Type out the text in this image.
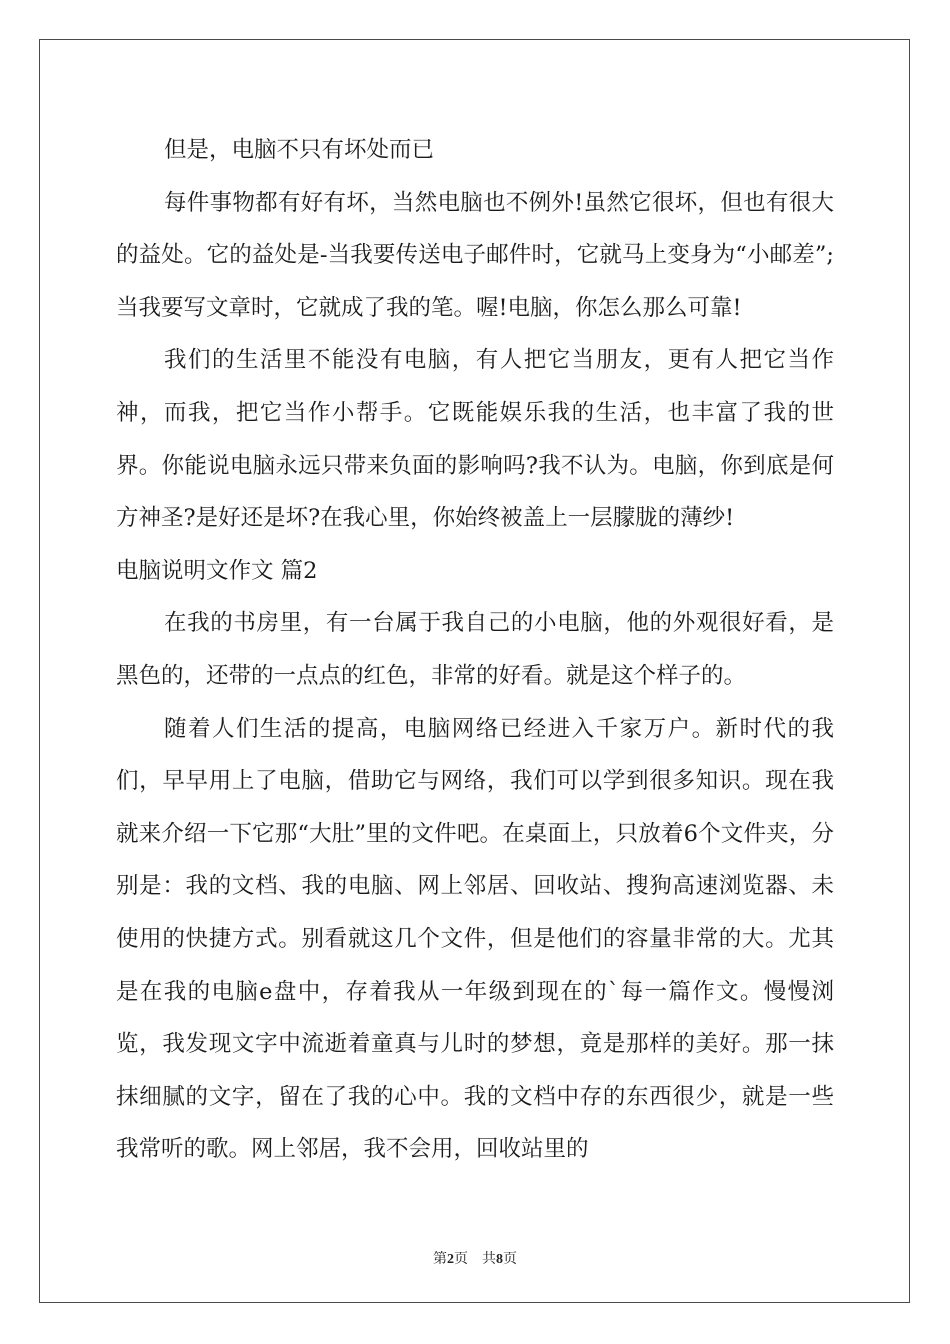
但是，电脑不只有坏处而已

每件事物都有好有坏，当然电脑也不例外!虽然它很坏，但也有很大的益处。它的益处是-当我要传送电子邮件时，它就马上变身为“小邮差”;当我要写文章时，它就成了我的笔。喔!电脑，你怎么那么可靠!

我们的生活里不能没有电脑，有人把它当朋友，更有人把它当作神，而我，把它当作小帮手。它既能娱乐我的生活，也丰富了我的世界。你能说电脑永远只带来负面的影响吗?我不认为。电脑，你到底是何方神圣?是好还是坏?在我心里，你始终被盖上一层朦胧的薄纱!

电脑说明文作文 篇2

在我的书房里，有一台属于我自己的小电脑，他的外观很好看，是黑色的，还带的一点点的红色，非常的好看。就是这个样子的。

随着人们生活的提高，电脑网络已经进入千家万户。新时代的我们，早早用上了电脑，借助它与网络，我们可以学到很多知识。现在我就来介绍一下它那“大肚”里的文件吧。在桌面上，只放着6个文件夹，分别是：我的文档、我的电脑、网上邻居、回收站、搜狗高速浏览器、未使用的快捷方式。别看就这几个文件，但是他们的容量非常的大。尤其是在我的电脑e盘中，存着我从一年级到现在的`每一篇作文。慢慢浏览，我发现文字中流逝着童真与儿时的梦想，竟是那样的美好。那一抹抹细腻的文字，留在了我的心中。我的文档中存的东西很少，就是一些我常听的歌。网上邻居，我不会用，回收站里的

第2页 共8页
